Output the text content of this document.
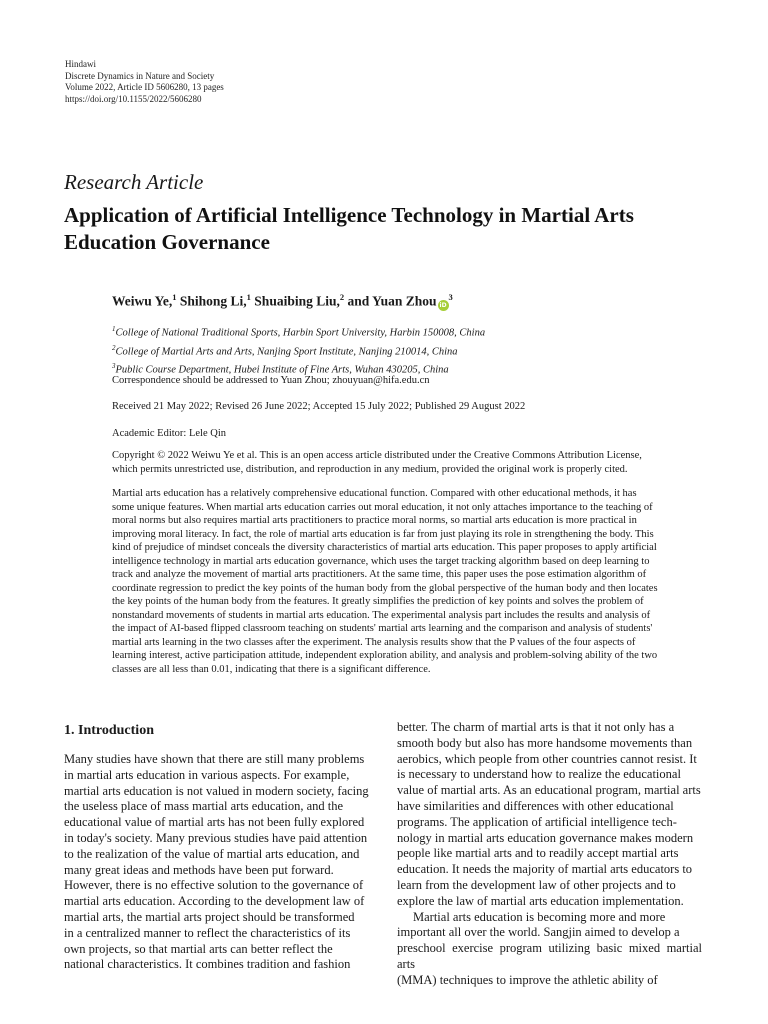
Hindawi
Discrete Dynamics in Nature and Society
Volume 2022, Article ID 5606280, 13 pages
https://doi.org/10.1155/2022/5606280
Research Article
Application of Artificial Intelligence Technology in Martial Arts Education Governance
Weiwu Ye,$^1$ Shihong Li,$^1$ Shuaibing Liu,$^2$ and Yuan Zhou $iD^3$
$^1$College of National Traditional Sports, Harbin Sport University, Harbin 150008, China
$^2$College of Martial Arts and Arts, Nanjing Sport Institute, Nanjing 210014, China
$^3$Public Course Department, Hubei Institute of Fine Arts, Wuhan 430205, China
Correspondence should be addressed to Yuan Zhou; zhouyuan@hifa.edu.cn
Received 21 May 2022; Revised 26 June 2022; Accepted 15 July 2022; Published 29 August 2022
Academic Editor: Lele Qin
Copyright © 2022 Weiwu Ye et al. This is an open access article distributed under the Creative Commons Attribution License,
which permits unrestricted use, distribution, and reproduction in any medium, provided the original work is properly cited.
Martial arts education has a relatively comprehensive educational function. Compared with other educational methods, it has
some unique features. When martial arts education carries out moral education, it not only attaches importance to the teaching of
moral norms but also requires martial arts practitioners to practice moral norms, so martial arts education is more practical in
improving moral literacy. In fact, the role of martial arts education is far from just playing its role in strengthening the body. This
kind of prejudice of mindset conceals the diversity characteristics of martial arts education. This paper proposes to apply artificial
intelligence technology in martial arts education governance, which uses the target tracking algorithm based on deep learning to
track and analyze the movement of martial arts practitioners. At the same time, this paper uses the pose estimation algorithm of
coordinate regression to predict the key points of the human body from the global perspective of the human body and then locates
the key points of the human body from the features. It greatly simplifies the prediction of key points and solves the problem of
nonstandard movements of students in martial arts education. The experimental analysis part includes the results and analysis of
the impact of AI-based flipped classroom teaching on students' martial arts learning and the comparison and analysis of students'
martial arts learning in the two classes after the experiment. The analysis results show that the P values of the four aspects of
learning interest, active participation attitude, independent exploration ability, and analysis and problem-solving ability of the two
classes are all less than 0.01, indicating that there is a significant difference.
1. Introduction

Many studies have shown that there are still many problems
in martial arts education in various aspects. For example,
martial arts education is not valued in modern society, facing
the useless place of mass martial arts education, and the
educational value of martial arts has not been fully explored
in today's society. Many previous studies have paid attention
to the realization of the value of martial arts education, and
many great ideas and methods have been put forward.
However, there is no effective solution to the governance of
martial arts education. According to the development law of
martial arts, the martial arts project should be transformed
in a centralized manner to reflect the characteristics of its
own projects, so that martial arts can better reflect the
national characteristics. It combines tradition and fashion

better. The charm of martial arts is that it not only has a
smooth body but also has more handsome movements than
aerobics, which people from other countries cannot resist. It
is necessary to understand how to realize the educational
value of martial arts. As an educational program, martial arts
have similarities and differences with other educational
programs. The application of artificial intelligence tech-
nology in martial arts education governance makes modern
people like martial arts and to readily accept martial arts
education. It needs the majority of martial arts educators to
learn from the development law of other projects and to
explore the law of martial arts education implementation.

Martial arts education is becoming more and more
important all over the world. Sangjin aimed to develop a
preschool exercise program utilizing basic mixed martial arts
(MMA) techniques to improve the athletic ability of
